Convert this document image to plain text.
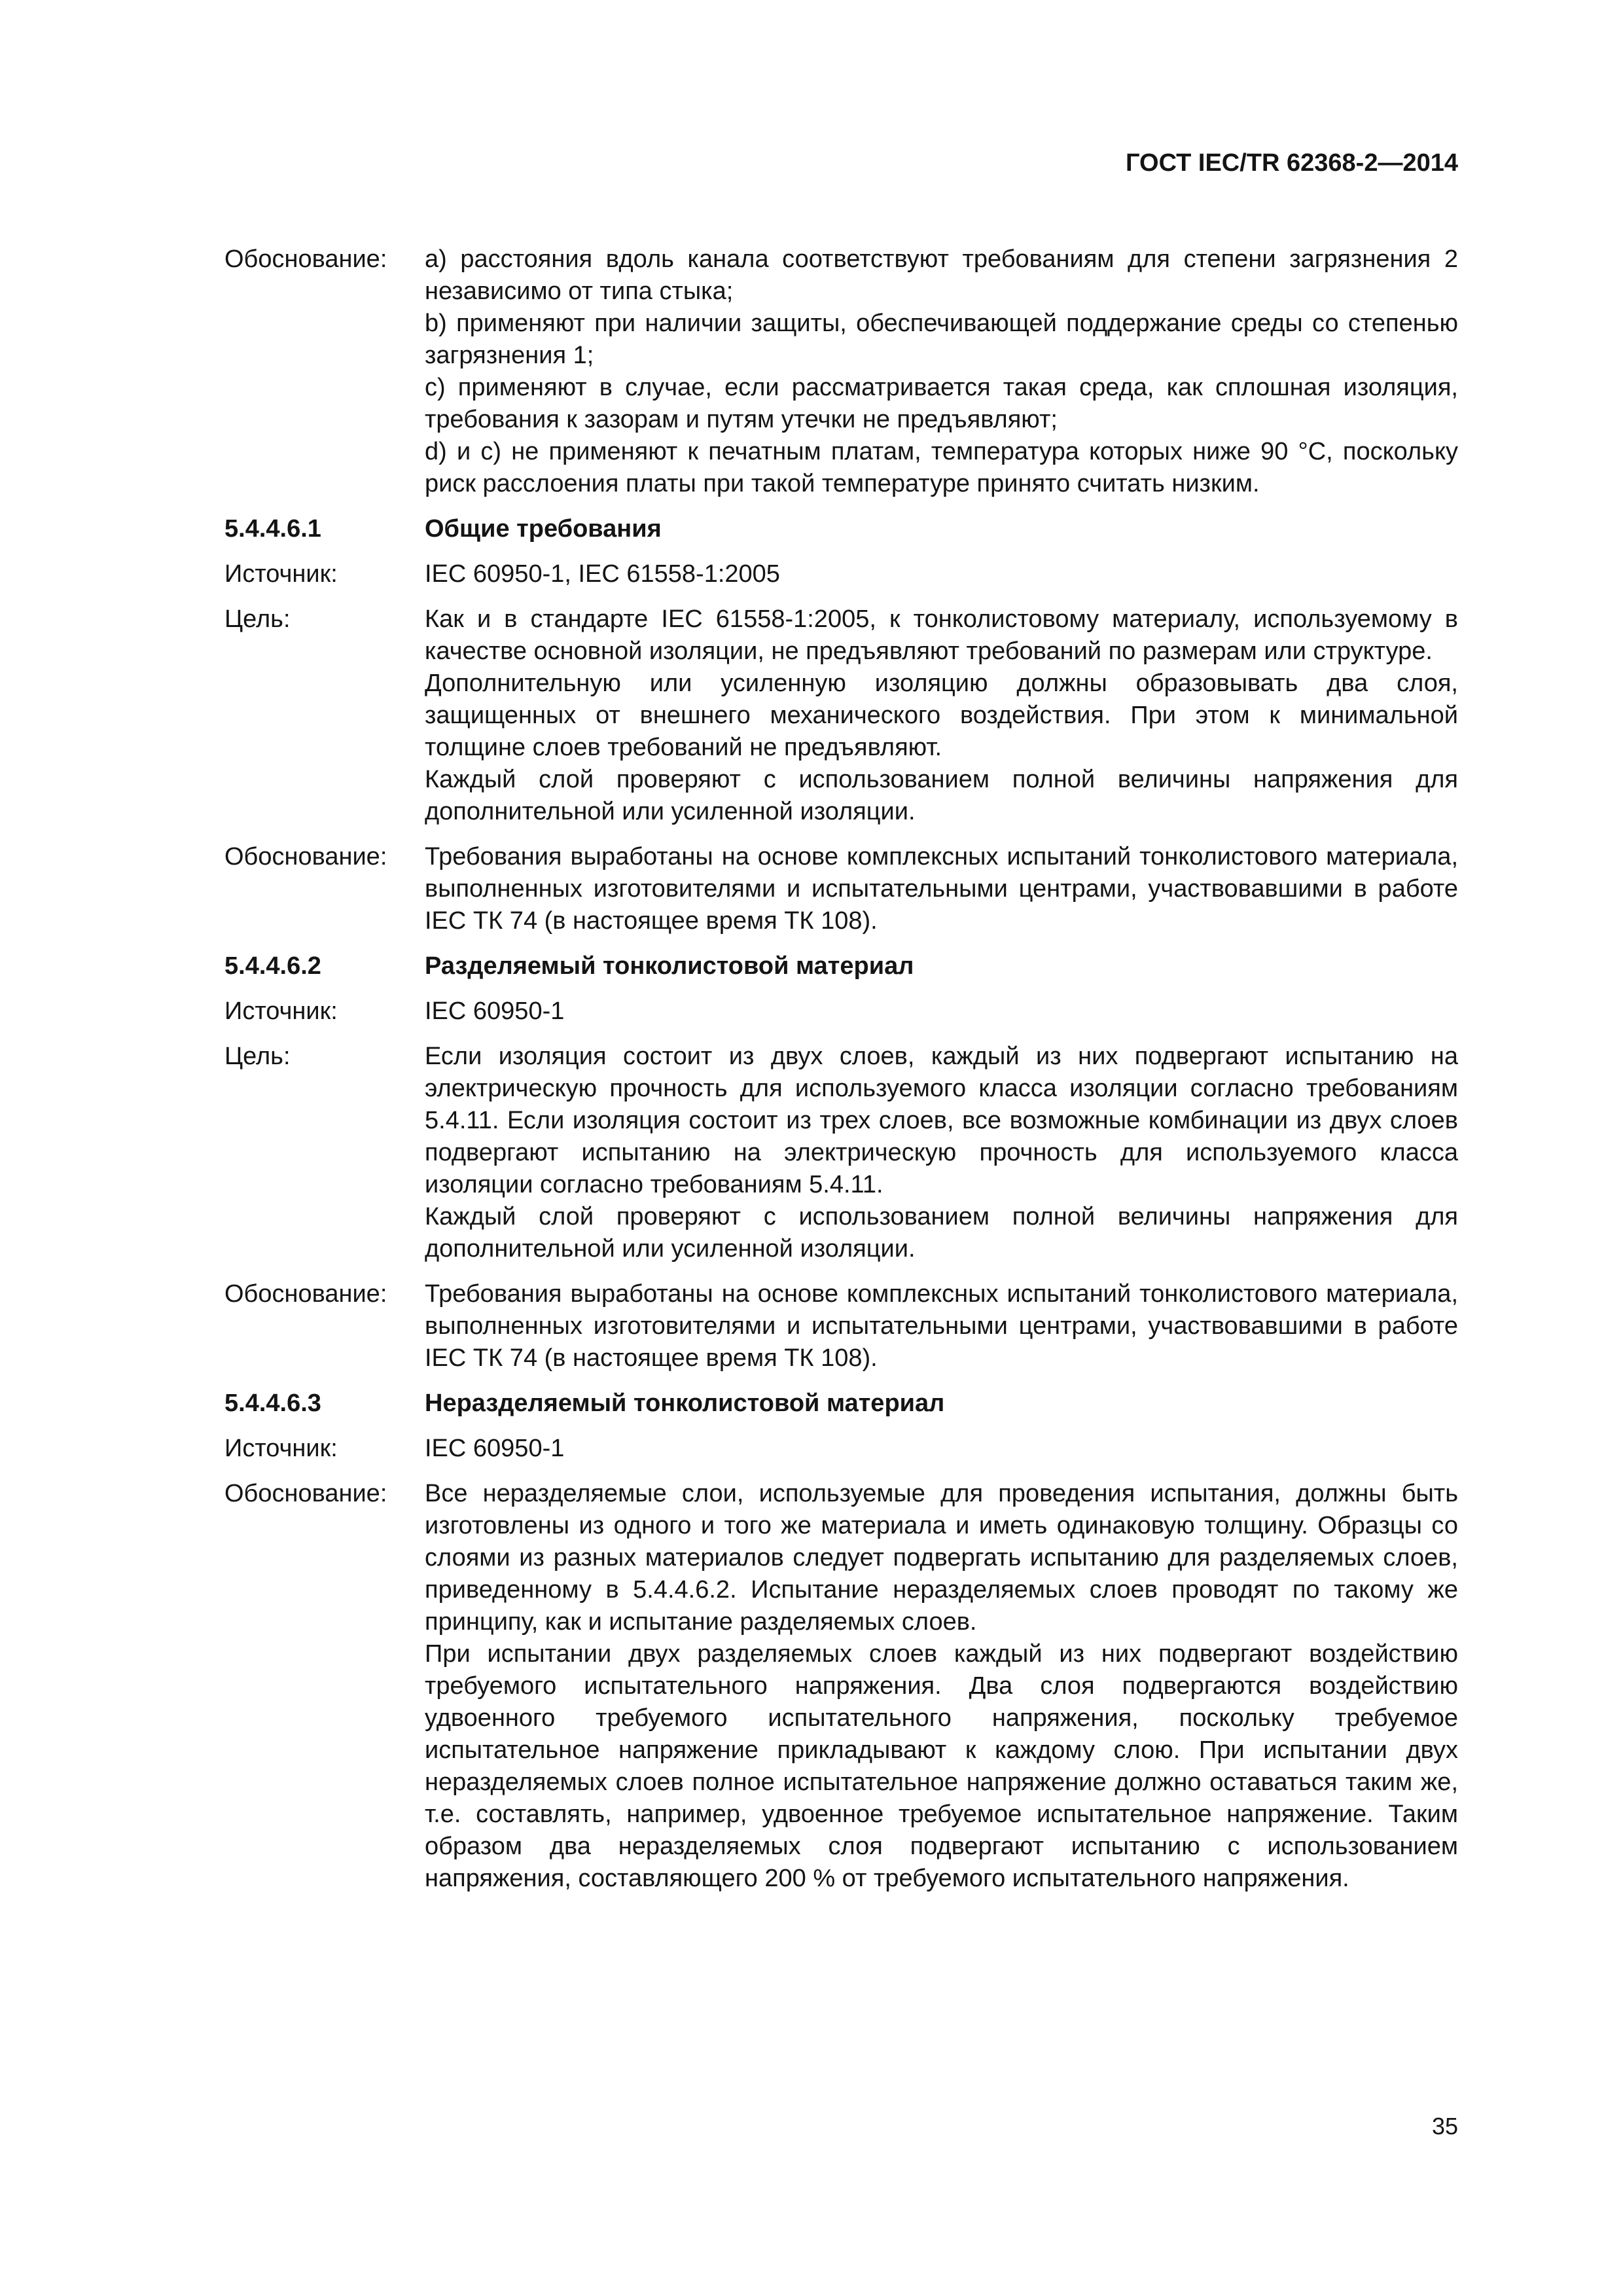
ГОСТ IEC/TR 62368-2—2014
Обоснование:	а) расстояния вдоль канала соответствуют требованиям для степени загрязнения 2 независимо от типа стыка;
b) применяют при наличии защиты, обеспечивающей поддержание среды со степенью загрязнения 1;
с) применяют в случае, если рассматривается такая среда, как сплошная изоляция, требования к зазорам и путям утечки не предъявляют;
d) и с) не применяют к печатным платам, температура которых ниже 90 °С, поскольку риск расслоения платы при такой температуре принято считать низким.
5.4.4.6.1	Общие требования
Источник:	IEC 60950-1, IEC 61558-1:2005
Цель:	Как и в стандарте IEC 61558-1:2005, к тонколистовому материалу, используемому в качестве основной изоляции, не предъявляют требований по размерам или структуре.
Дополнительную или усиленную изоляцию должны образовывать два слоя, защищенных от внешнего механического воздействия. При этом к минимальной толщине слоев требований не предъявляют.
Каждый слой проверяют с использованием полной величины напряжения для дополнительной или усиленной изоляции.
Обоснование:	Требования выработаны на основе комплексных испытаний тонколистового материала, выполненных изготовителями и испытательными центрами, участвовавшими в работе IEC ТК 74 (в настоящее время ТК 108).
5.4.4.6.2	Разделяемый тонколистовой материал
Источник:	IEC 60950-1
Цель:	Если изоляция состоит из двух слоев, каждый из них подвергают испытанию на электрическую прочность для используемого класса изоляции согласно требованиям 5.4.11. Если изоляция состоит из трех слоев, все возможные комбинации из двух слоев подвергают испытанию на электрическую прочность для используемого класса изоляции согласно требованиям 5.4.11.
Каждый слой проверяют с использованием полной величины напряжения для дополнительной или усиленной изоляции.
Обоснование:	Требования выработаны на основе комплексных испытаний тонколистового материала, выполненных изготовителями и испытательными центрами, участвовавшими в работе IEC ТК 74 (в настоящее время ТК 108).
5.4.4.6.3	Неразделяемый тонколистовой материал
Источник:	IEC 60950-1
Обоснование:	Все неразделяемые слои, используемые для проведения испытания, должны быть изготовлены из одного и того же материала и иметь одинаковую толщину. Образцы со слоями из разных материалов следует подвергать испытанию для разделяемых слоев, приведенному в 5.4.4.6.2. Испытание неразделяемых слоев проводят по такому же принципу, как и испытание разделяемых слоев.
При испытании двух разделяемых слоев каждый из них подвергают воздействию требуемого испытательного напряжения. Два слоя подвергаются воздействию удвоенного требуемого испытательного напряжения, поскольку требуемое испытательное напряжение прикладывают к каждому слою. При испытании двух неразделяемых слоев полное испытательное напряжение должно оставаться таким же, т.е. составлять, например, удвоенное требуемое испытательное напряжение. Таким образом два неразделяемых слоя подвергают испытанию с использованием напряжения, составляющего 200 % от требуемого испытательного напряжения.
35
